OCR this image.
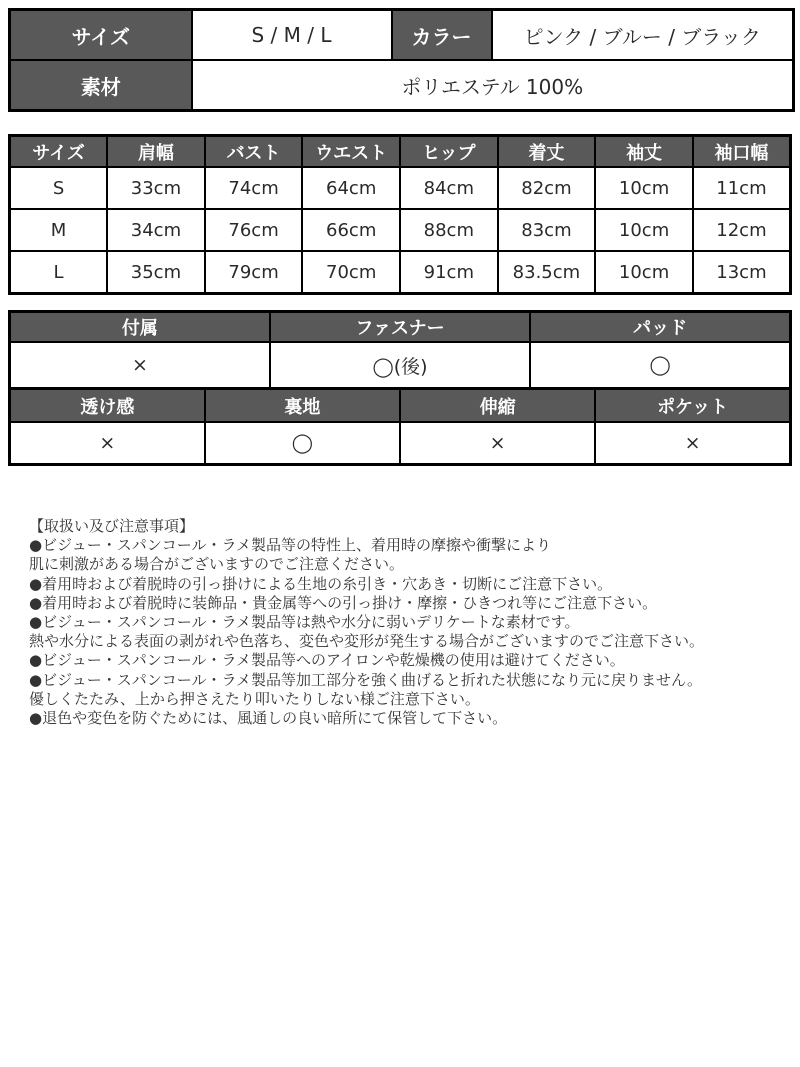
サイズ	S / M / L	カラー	ピンク / ブルー / ブラック
素材	ポリエステル 100%		
サイズ	肩幅	バスト	ウエスト	ヒップ	着丈	袖丈	袖口幅
S	33cm	74cm	64cm	84cm	82cm	10cm	11cm
M	34cm	76cm	66cm	88cm	83cm	10cm	12cm
L	35cm	79cm	70cm	91cm	83.5cm	10cm	13cm
付属	ファスナー	パッド
×	◯(後)	◯
透け感	裏地	伸縮	ポケット
×	◯	×	×
【取扱い及び注意事項】
●ビジュー・スパンコール・ラメ製品等の特性上、着用時の摩擦や衝撃により
肌に刺激がある場合がございますのでご注意ください。
●着用時および着脱時の引っ掛けによる生地の糸引き・穴あき・切断にご注意下さい。
●着用時および着脱時に装飾品・貴金属等への引っ掛け・摩擦・ひきつれ等にご注意下さい。
●ビジュー・スパンコール・ラメ製品等は熱や水分に弱いデリケートな素材です。
熱や水分による表面の剥がれや色落ち、変色や変形が発生する場合がございますのでご注意下さい。
●ビジュー・スパンコール・ラメ製品等へのアイロンや乾燥機の使用は避けてください。
●ビジュー・スパンコール・ラメ製品等加工部分を強く曲げると折れた状態になり元に戻りません。
優しくたたみ、上から押さえたり叩いたりしない様ご注意下さい。
●退色や変色を防ぐためには、風通しの良い暗所にて保管して下さい。
